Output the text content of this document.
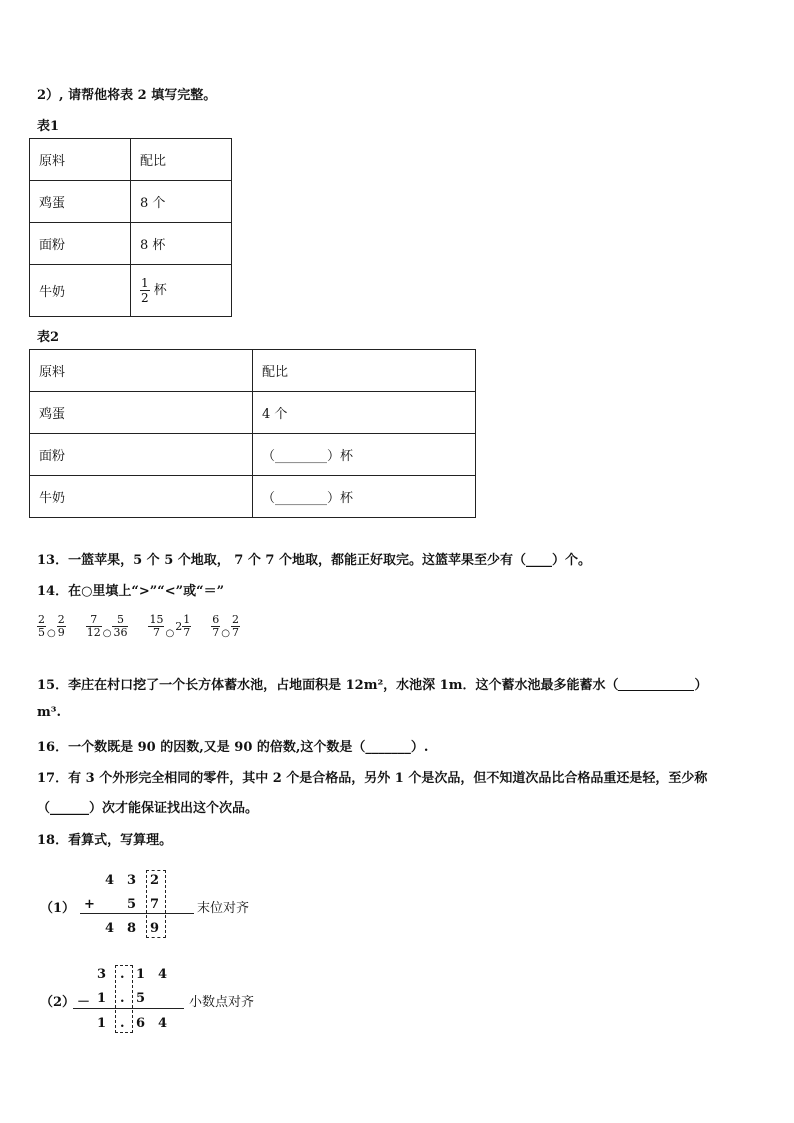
2）, 请帮他将表 2 填写完整。
表1
原料	配比
鸡蛋	8 个
面粉	8 杯
牛奶	$\frac{1}{2}$ 杯
表2
原料	配比
鸡蛋	4 个
面粉	（________）杯
牛奶	（________）杯
13．一篮苹果，5 个 5 个地取， 7 个 7 个地取，都能正好取完。这篮苹果至少有（____）个。
14．在○里填上“>”“<”或“＝”
$\frac{2}{5} _○ \frac{2}{9} \frac{7}{12} _○ \frac{5}{36} \frac{15}{7} _○2 \frac{1}{7} \frac{6}{7} _○ \frac{2}{7}$
15．李庄在村口挖了一个长方体蓄水池，占地面积是 12m²，水池深 1m．这个蓄水池最多能蓄水（	）
m³.
16．一个数既是 90 的因数,又是 90 的倍数,这个数是（_______）.
17．有 3 个外形完全相同的零件，其中 2 个是合格品，另外 1 个是次品，但不知道次品比合格品重还是轻，至少称
（______）次才能保证找出这个次品。
18．看算式，写算理。
（1）
4 3 2
+ 5 7
4 8 9
末位对齐
（2）
3 . 1 4
－ 1 . 5
1 . 6 4
小数点对齐
